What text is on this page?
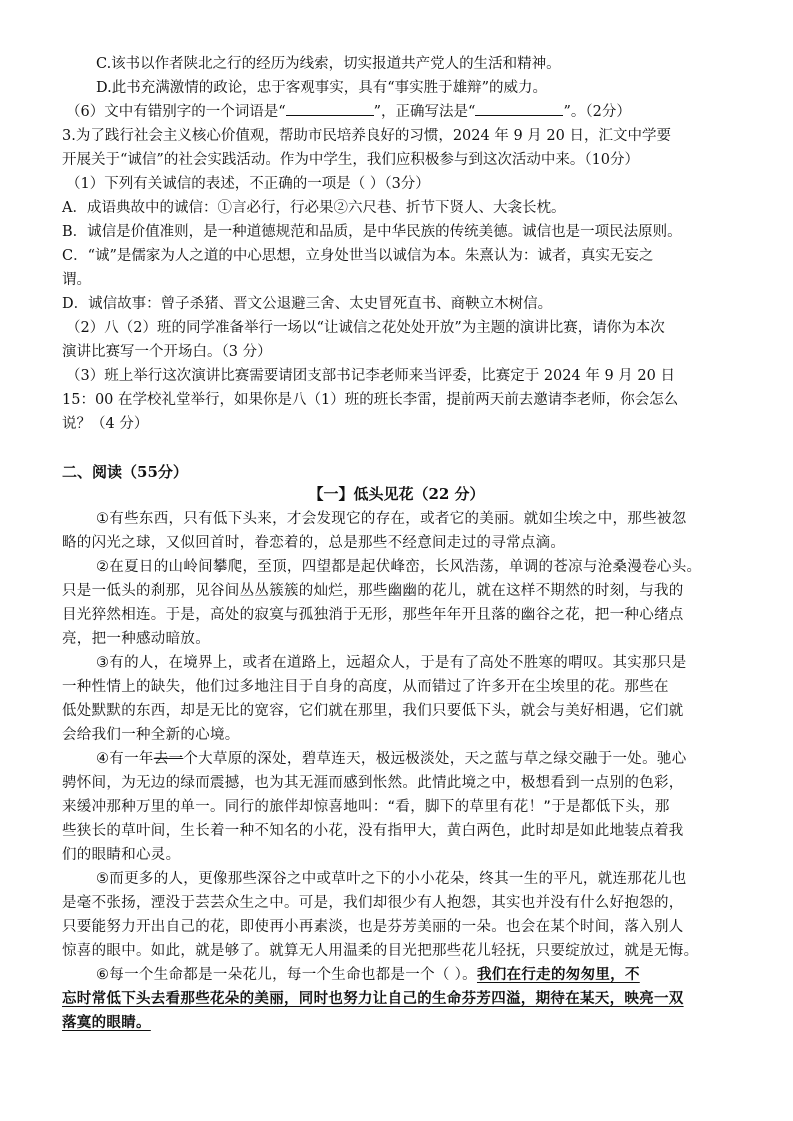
C.该书以作者陕北之行的经历为线索，切实报道共产党人的生活和精神。
D.此书充满激情的政论，忠于客观事实，具有“事实胜于雄辩”的威力。
（6）文中有错别字的一个词语是“	”，正确写法是“	”。（2分）
3.为了践行社会主义核心价值观，帮助市民培养良好的习惯，2024 年 9 月 20 日，汇文中学要
开展关于“诚信”的社会实践活动。作为中学生，我们应积极参与到这次活动中来。（10分）
（1）下列有关诚信的表述，不正确的一项是（ ）（3分）
A．成语典故中的诚信：①言必行，行必果②六尺巷、折节下贤人、大衾长枕。
B．诚信是价值准则，是一种道德规范和品质，是中华民族的传统美德。诚信也是一项民法原则。
C．“诚”是儒家为人之道的中心思想，立身处世当以诚信为本。朱熹认为：诚者，真实无妄之
谓。
D．诚信故事：曾子杀猪、晋文公退避三舍、太史冒死直书、商鞅立木树信。
（2）八（2）班的同学准备举行一场以“让诚信之花处处开放”为主题的演讲比赛，请你为本次
演讲比赛写一个开场白。（3 分）
（3）班上举行这次演讲比赛需要请团支部书记李老师来当评委，比赛定于 2024 年 9 月 20 日
15：00 在学校礼堂举行，如果你是八（1）班的班长李雷，提前两天前去邀请李老师，你会怎么
说？（4 分）
二、阅读（55分）
【一】低头见花（22 分）
①有些东西，只有低下头来，才会发现它的存在，或者它的美丽。就如尘埃之中，那些被忽
略的闪光之球，又似回首时，眷恋着的，总是那些不经意间走过的寻常点滴。
②在夏日的山岭间攀爬，至顶，四望都是起伏峰峦，长风浩荡，单调的苍凉与沧桑漫卷心头。
只是一低头的刹那，见谷间丛丛簇簇的灿烂，那些幽幽的花儿，就在这样不期然的时刻，与我的
目光猝然相连。于是，高处的寂寞与孤独消于无形，那些年年开且落的幽谷之花，把一种心绪点
亮，把一种感动暗放。
③有的人，在境界上，或者在道路上，远超众人，于是有了高处不胜寒的喟叹。其实那只是
一种性情上的缺失，他们过多地注目于自身的高度，从而错过了许多开在尘埃里的花。那些在
低处默默的东西，却是无比的宽容，它们就在那里，我们只要低下头，就会与美好相遇，它们就
会给我们一种全新的心境。
④有一年去一个大草原的深处，碧草连天，极远极淡处，天之蓝与草之绿交融于一处。驰心
骋怀间，为无边的绿而震撼，也为其无涯而感到怅然。此情此境之中，极想看到一点别的色彩，
来缓冲那种万里的单一。同行的旅伴却惊喜地叫：“看，脚下的草里有花！”于是都低下头，那
些狭长的草叶间，生长着一种不知名的小花，没有指甲大，黄白两色，此时却是如此地装点着我
们的眼睛和心灵。
⑤而更多的人，更像那些深谷之中或草叶之下的小小花朵，终其一生的平凡，就连那花儿也
是毫不张扬，湮没于芸芸众生之中。可是，我们却很少有人抱怨，其实也并没有什么好抱怨的，
只要能努力开出自己的花，即使再小再素淡，也是芬芳美丽的一朵。也会在某个时间，落入别人
惊喜的眼中。如此，就是够了。就算无人用温柔的目光把那些花儿轻抚，只要绽放过，就是无悔。
⑥每一个生命都是一朵花儿，每一个生命也都是一个（ ）。我们在行走的匆匆里，不
忘时常低下头去看那些花朵的美丽，同时也努力让自己的生命芬芳四溢，期待在某天，映亮一双
落寞的眼睛。
